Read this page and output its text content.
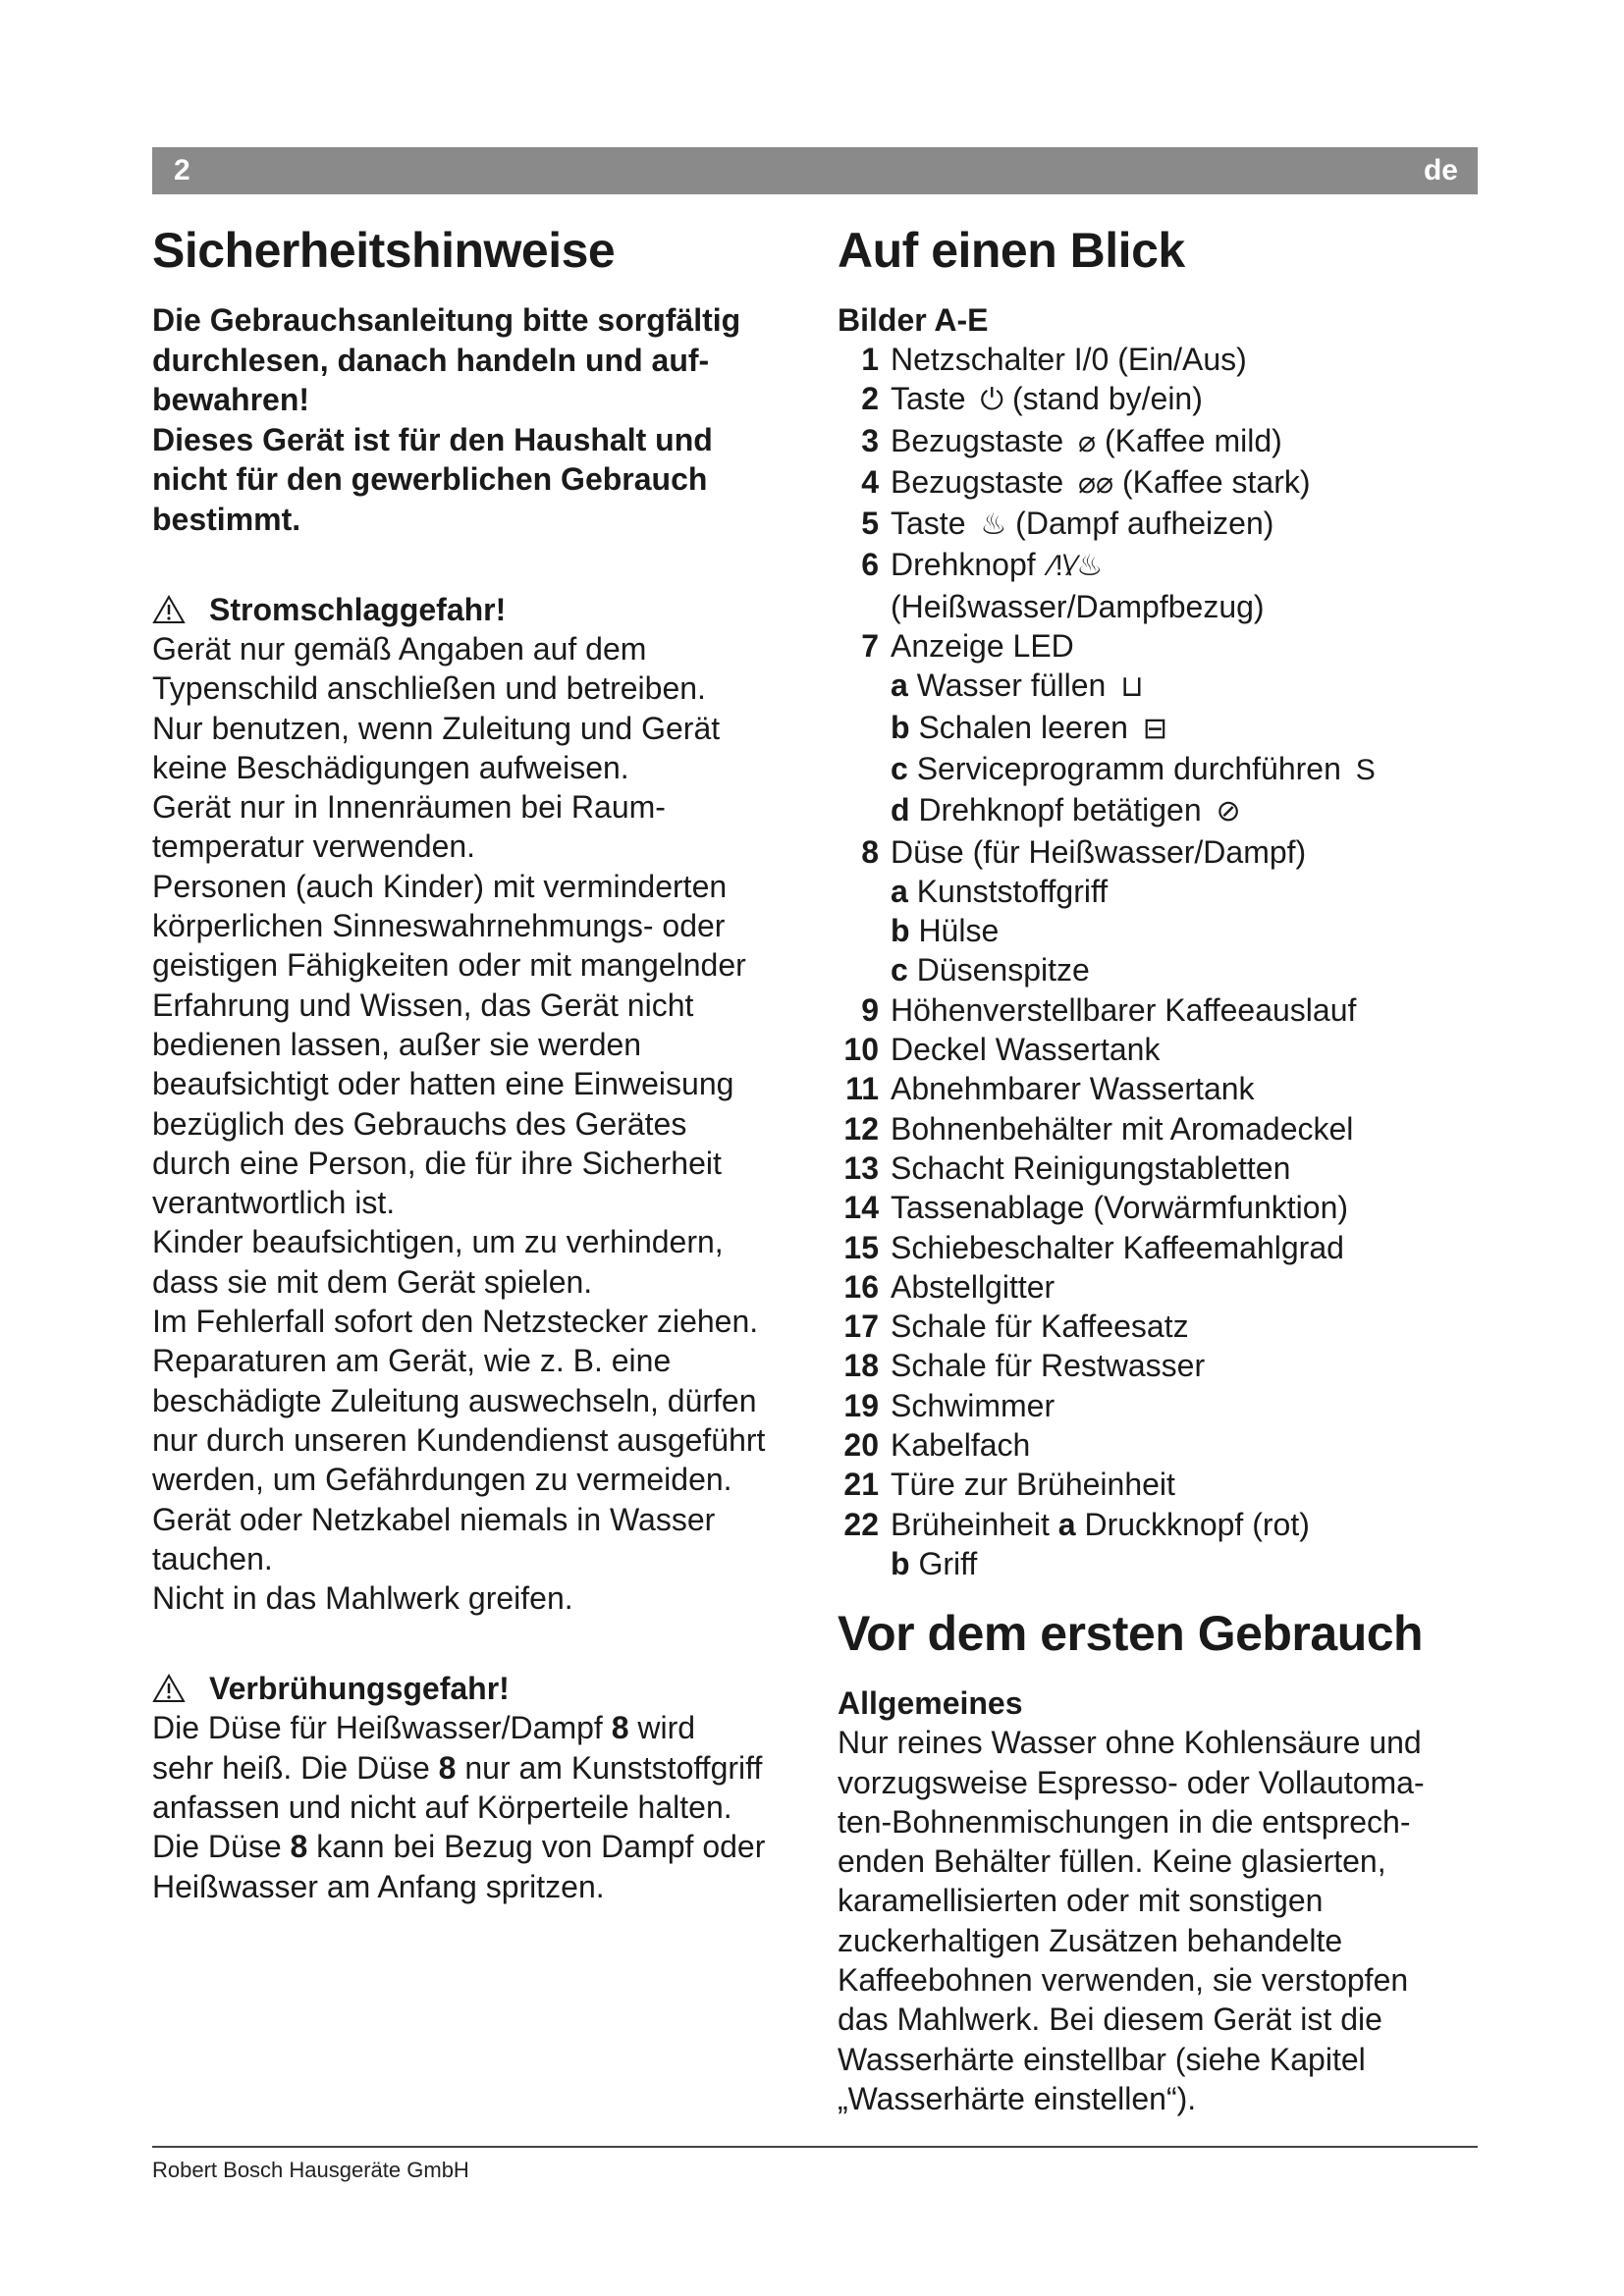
2	de
Sicherheitshinweise
Die Gebrauchsanleitung bitte sorgfältig
durchlesen, danach handeln und auf-
bewahren!
Dieses Gerät ist für den Haushalt und
nicht für den gewerblichen Gebrauch
bestimmt.
Stromschlaggefahr!

Gerät nur gemäß Angaben auf dem

Typenschild anschließen und betreiben.

Nur benutzen, wenn Zuleitung und Gerät

keine Beschädigungen aufweisen.

Gerät nur in Innenräumen bei Raum-

temperatur verwenden.

Personen (auch Kinder) mit verminderten

körperlichen Sinneswahrnehmungs- oder

geistigen Fähigkeiten oder mit mangelnder

Erfahrung und Wissen, das Gerät nicht

bedienen lassen, außer sie werden

beaufsichtigt oder hatten eine Einweisung

bezüglich des Gebrauchs des Gerätes

durch eine Person, die für ihre Sicherheit

verantwortlich ist.

Kinder beaufsichtigen, um zu verhindern,

dass sie mit dem Gerät spielen.

Im Fehlerfall sofort den Netzstecker ziehen.

Reparaturen am Gerät, wie z. B. eine

beschädigte Zuleitung auswechseln, dürfen

nur durch unseren Kundendienst ausgeführt

werden, um Gefährdungen zu vermeiden.

Gerät oder Netzkabel niemals in Wasser

tauchen.

Nicht in das Mahlwerk greifen.

Verbrühungsgefahr!

Die Düse für Heißwasser/Dampf 8 wird

sehr heiß. Die Düse 8 nur am Kunststoffgriff

anfassen und nicht auf Körperteile halten.

Die Düse 8 kann bei Bezug von Dampf oder

Heißwasser am Anfang spritzen.

Auf einen Blick
Bilder A-E
1 Netzschalter I/0 (Ein/Aus)
2 Taste ⏻ (stand by/ein)
3 Bezugstaste ⌀ (Kaffee mild)
4 Bezugstaste ⌀⌀ (Kaffee stark)
5 Taste ♨ (Dampf aufheizen)
6 Drehknopf ⁄!\⁄♨
(Heißwasser/Dampfbezug)
7 Anzeige LED
a Wasser füllen ⊔
b Schalen leeren ⊟
c Serviceprogramm durchführen S
d Drehknopf betätigen ⊘
8 Düse (für Heißwasser/Dampf)
a Kunststoffgriff
b Hülse
c Düsenspitze
9 Höhenverstellbarer Kaffeeauslauf
10 Deckel Wassertank
11 Abnehmbarer Wassertank
12 Bohnenbehälter mit Aromadeckel
13 Schacht Reinigungstabletten
14 Tassenablage (Vorwärmfunktion)
15 Schiebeschalter Kaffeemahlgrad
16 Abstellgitter
17 Schale für Kaffeesatz
18 Schale für Restwasser
19 Schwimmer
20 Kabelfach
21 Türe zur Brüheinheit
22 Brüheinheit a Druckknopf (rot)
b Griff
Vor dem ersten Gebrauch
Allgemeines

Nur reines Wasser ohne Kohlensäure und

vorzugsweise Espresso- oder Vollautoma-

ten-Bohnenmischungen in die entsprech-

enden Behälter füllen. Keine glasierten,

karamellisierten oder mit sonstigen

zuckerhaltigen Zusätzen behandelte

Kaffeebohnen verwenden, sie verstopfen

das Mahlwerk. Bei diesem Gerät ist die

Wasserhärte einstellbar (siehe Kapitel

„Wasserhärte einstellen“).

Robert Bosch Hausgeräte GmbH
